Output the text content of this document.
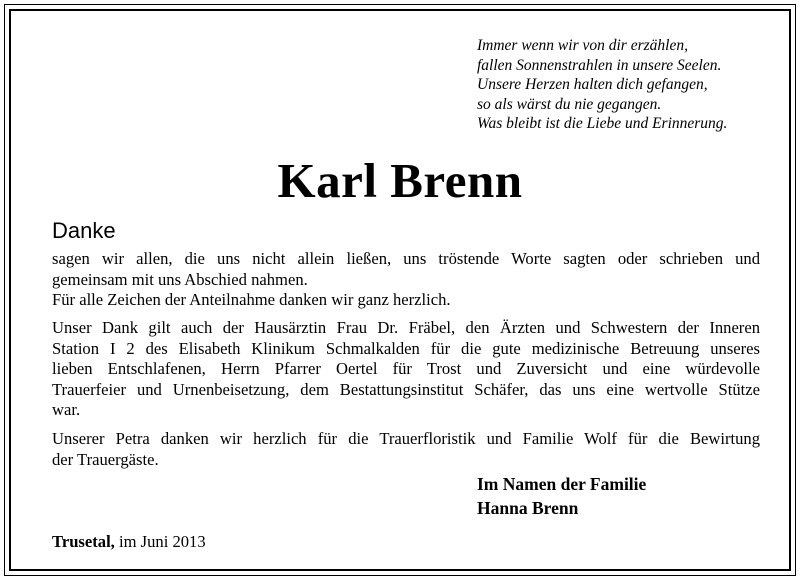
Immer wenn wir von dir erzählen,
fallen Sonnenstrahlen in unsere Seelen.
Unsere Herzen halten dich gefangen,
so als wärst du nie gegangen.
Was bleibt ist die Liebe und Erinnerung.
Karl Brenn
Danke
sagen wir allen, die uns nicht allein ließen, uns tröstende Worte sagten oder schrieben und
gemeinsam mit uns Abschied nahmen.
Für alle Zeichen der Anteilnahme danken wir ganz herzlich.
Unser Dank gilt auch der Hausärztin Frau Dr. Fräbel, den Ärzten und Schwestern der Inneren
Station I 2 des Elisabeth Klinikum Schmalkalden für die gute medizinische Betreuung unseres
lieben Entschlafenen, Herrn Pfarrer Oertel für Trost und Zuversicht und eine würdevolle
Trauerfeier und Urnenbeisetzung, dem Bestattungsinstitut Schäfer, das uns eine wertvolle Stütze
war.
Unserer Petra danken wir herzlich für die Trauerfloristik und Familie Wolf für die Bewirtung
der Trauergäste.
Im Namen der Familie
Hanna Brenn
Trusetal, im Juni 2013
